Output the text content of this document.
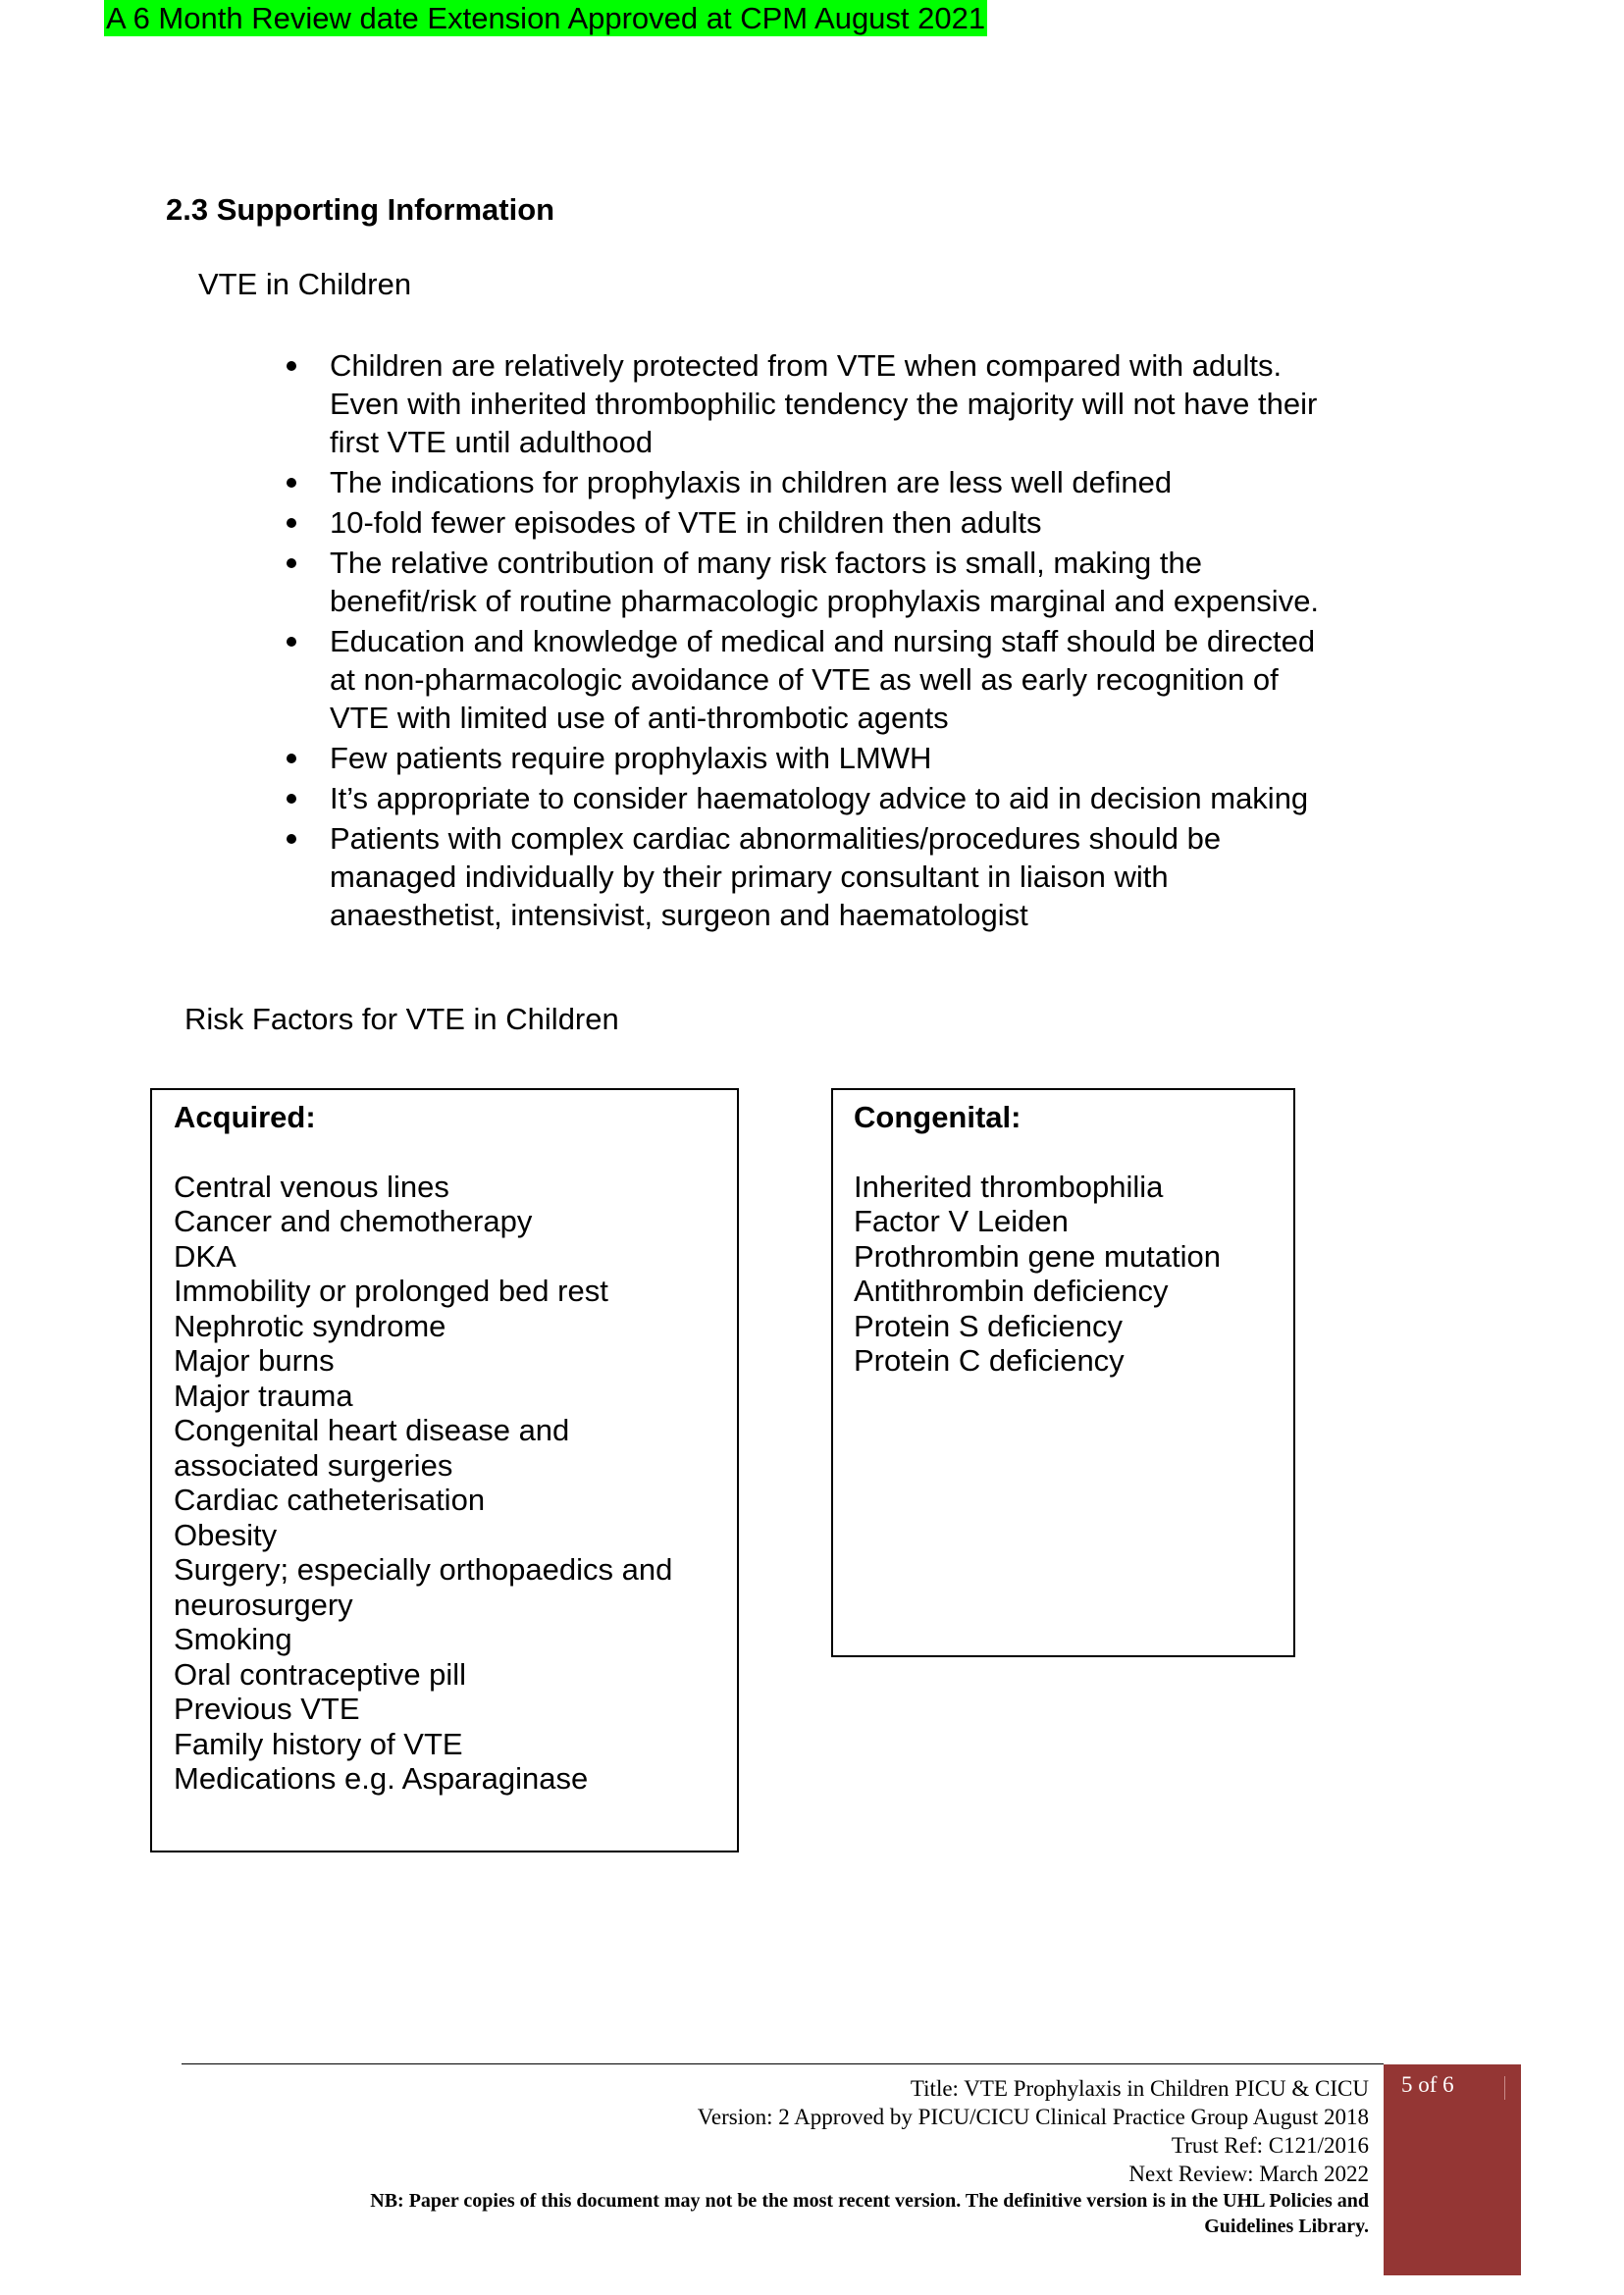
A 6 Month Review date Extension Approved at CPM August 2021
2.3 Supporting Information
VTE in Children
Children are relatively protected from VTE when compared with adults. Even with inherited thrombophilic tendency the majority will not have their first VTE until adulthood
The indications for prophylaxis in children are less well defined
10-fold fewer episodes of VTE in children then adults
The relative contribution of many risk factors is small, making the benefit/risk of routine pharmacologic prophylaxis marginal and expensive.
Education and knowledge of medical and nursing staff should be directed at non-pharmacologic avoidance of VTE as well as early recognition of VTE with limited use of anti-thrombotic agents
Few patients require prophylaxis with LMWH
It’s appropriate to consider haematology advice to aid in decision making
Patients with complex cardiac abnormalities/procedures should be managed individually by their primary consultant in liaison with anaesthetist, intensivist, surgeon and haematologist
Risk Factors for VTE in Children
Acquired:
Central venous lines
Cancer and chemotherapy
DKA
Immobility or prolonged bed rest
Nephrotic syndrome
Major burns
Major trauma
Congenital heart disease and associated surgeries
Cardiac catheterisation
Obesity
Surgery; especially orthopaedics and neurosurgery
Smoking
Oral contraceptive pill
Previous VTE
Family history of VTE
Medications e.g. Asparaginase
Congenital:
Inherited thrombophilia
Factor V Leiden
Prothrombin gene mutation
Antithrombin deficiency
Protein S deficiency
Protein C deficiency
Title: VTE Prophylaxis in Children PICU & CICU
Version: 2 Approved by PICU/CICU Clinical Practice Group August 2018
Trust Ref: C121/2016
Next Review: March 2022
NB: Paper copies of this document may not be the most recent version. The definitive version is in the UHL Policies and
Guidelines Library.
5 of 6
